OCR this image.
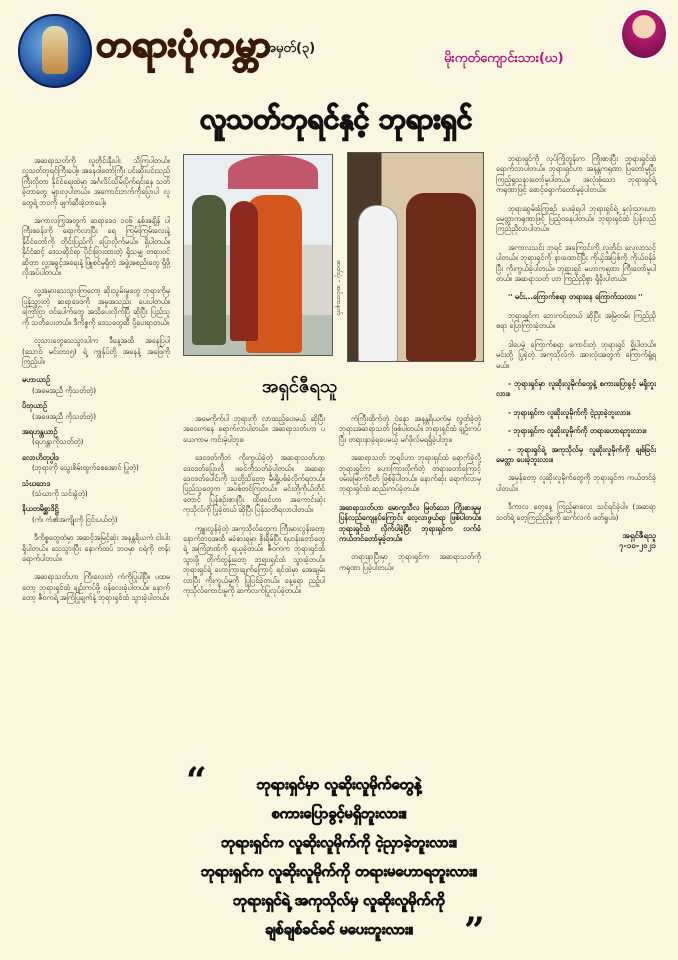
တရားပုံကမ္ဘာ
အမှတ်(၃)
မိုးကုတ်ကျောင်းသား(ဃ)
လူသတ်ဘုရင်နှင့် ဘုရားရှင်
ဓာတ်ပုံ - အင်တာနက်
အရှင်ဇီရသူ

အဆရာသတ်ကို လူတိုင်းနီးပါး သိကြပါတယ်။ လူသတ်ဘုရင်ကြီးပေါ့။ အနေဝါတော်ကြီး ပင်းဆိုးပင်းသည်ကြီးလိုတာ နိုင်ငံရေးထဲမှာ အင်္ဂလိပ်သိမ်းပိုက်ရင်းနေ သတ်ခဲ့တာတွေ များလှပါတယ်။ အကောင်းဘက်ကိုပြောပါ လူတွေရဲ့ ဘဝကို ဖျက်ဆီးခဲ့တာပေါ့။

အကာလကြွအတွက် ဆရာဒေဝ ၁၀၆ နှစ်အချိန် ပါကြီးစခန်းကို ရောက်လာပြီး ရေ ကြမ်းကြမ်းလေးနဲ့ နိုင်ငံတော်ကို တိုင်းပြည်ကို ပြောလိုက်မယ်။ ရှိပါတယ်။ နိုင်ငံဆင့် ဒေသဆိုင်ရာ ပိုင်းခြားထားတဲ့ ရှိသမျှ တရားဝင်ဆိုတာ လူ့အခွင့်အရေးနဲ့ ဖြူစင်မှုရှိတဲ့ အဖွဲ့အစည်းတွေ ရှိဖို့ လိုအပ်ပါတယ်။

လူ့အမှားသေသွားကြတော့ ဆိုးသွမ်းမှုတွေ ဘုရားကိုမှပြန်သွားတဲ့ ဆရာဒေဝကို အမှုအသည်း ပေးပါတယ်။ ကြော်ငြာ ဝင်ပေါက်တွေ အသိပေးလိုက်ပြီ ဆိုပြီး ပြည်သူကို သတိပေးတယ်။ ဒီကိစ္စကို ဒေသတွေဆီ ပို့ပေးရာတယ်။

လူသားတွေသေသွားပါက ဒီနေ့အထိ အနေပြပါ (သောဝ် မင်းတ၁၅) ရဲ့ ကျွန်ုပ်တို့ အနေနဲ့ အဖြေကို ကြည့်ပါ။

မဟာယာဉ်
(အမေအညီ ကိုသတ်တဲ့)
ပိတုယာဉ်
(အဖေအညီ ကိုသတ်တဲ့)
အရဟန္တယာဉ်
(ရဟန္တာကိုသတ်တဲ့)
လောဟိတုပ္ပါဒ
(ဘုရားကို သွေးစိမ်းထွက်စေအောင် ပြုတဲ့)
သံဃဘေဒ
(သံဃာကို သင်းခွဲတဲ့)
နိယတမိစ္ဆာဒိဋ္ဌိ
(ကံ၊ ကံ၏အကျိုးကို ငြင်းပယ်တဲ့)

ဒီကိစ္စတွေထဲမှာ အဆင့်အမြင့်ဆုံး အနန္တရိယကံ ငါးပါးရှိပါတယ်။ သေသွားပြီး နောက်ထပ် ဘဝမှာ ငရဲကို တန်းရောက်ပါတယ်။

အဆရာသတ်ဟာ ကြီးလေးတဲ့ ကံကိုပြုပါပြီ။ ပထမတော့ ဘုရားရှင်ထံ ချဉ်းကပ်ဖို့ ဝန်လေးခဲ့ပါတယ်။ နောက်တော့ ဇီဝကရဲ့ အကြံပြုချက်နဲ့ ဘုရားရှင်ထံ သွားခဲ့ပါတယ်။

အမေကိုက်ပါ ဘုရားကို လာထည့်ပေးမယ် ဆိုပြီး အဝေးကနေ ရောက်လာပါတယ်။ အဆရာသတ်ဟာ ပယေကာမ ကင်းမဲ့ပါဘူး။

ဒေဝဒတ်ကိုဘဲ ကိုးကွယ်ခဲ့တဲ့ အဆရာသတ်ဟာ ဒေဝဒတ်ပြောလို့ ဖခင်ကိုသတ်ခဲ့ပါတယ်။ အဆရာ ဒေဝဒတ်ပေါင်းကို သူတို့သိတော့ မီးရှို့ပစ်ခံလိုက်ရတယ်။ ပြည်သူတွေက အပစ်တင်ကြတယ်။ မင်းတို့ကိုယ်တိုင်တောင် ပြန်စဉ်းစားပြီး ထိုဖခင်ဟာ အကောင်းဆုံး ကုသိုလ်ကို ပြုခဲ့တယ် ဆိုပြီး ပြန်သတိရလာပါတယ်။

ကျူးလွန်ခဲ့တဲ့ အကုသိုလ်တွေက ကြီးမားလွန်းတော့ နောက်ဘဝအထိ မခံစားရမှာ စိုးရိမ်ပြီး ရဟန်းတော်တွေရဲ့ အကြံဉာဏ်ကို ရယူခဲ့တယ်။ ဇီဝကက ဘုရားရှင်ထံ သွားဖို့ တိုက်တွန်းတော့ ဘုရားရှင်ထံ သွားခဲ့တယ်။ ဘုရားရှင်ရဲ့ ဟောကြားချက်ကြောင့် ရင်ထဲမှာ အေးချမ်းလာပြီး ကိုးကွယ်မှုကို ပြုပြင်ခဲ့တယ်။ နေ့ရော ညဉ့်ပါ ကုသိုလ်ကောင်းမှုကို ဆက်လက်ပြုလုပ်ခဲ့တယ်။

ကံကြီးထိုက်တဲ့ ဝဲနော အနန္တရိယကံမှ လွတ်ခဲ့တဲ့ ဘုရားအဆရာသတ် ဖြစ်ပါတယ်။ ဘုရားရှင်ထံ ချဉ်းကပ်ပြီး တရားနာခဲ့ရပေမယ့် မဂ်ဖိုလ်မရရှိခဲ့ပါဘူး။

အဆရာသတ် ဘုရင်ဟာ ဘုရားရှင်ထံ ရောက်ခဲ့လို့ ဘုရားရှင်က ဟောကြားလိုက်တဲ့ တရားတော်ကြောင့် ဝမ်းမြောက်ပီတိ ဖြစ်ခဲ့ပါတယ်။ နောက်ဆုံး ရောက်လာမှ ဘုရားရှင်ထံ ဆည်းကပ်ခဲ့တယ်။

အဆရာသတ်ဟာ မောက္ခသီလ မြတ်သော ကြိုးစားမှုမှ ပြန်လည်ကျေနပ်ကြောင်း လေ့လာဖွယ်ရာ ဖြစ်ပါတယ်။ ဘုရားရှင်ထံ လိုက်ပါခဲ့ပြီး ဘုရားရှင်က လက်ခံ ကယ်တင်တော်မူခဲ့တယ်။

တရားနာပြီးမှာ ဘုရားရှင်က အဆရာသတ်ကို ကရုဏာ ပြခဲ့ပါတယ်။

ဘုရားရှင်ကို လှပ်ကြိုတွန်းက ကြိုးစားပြီး ဘုရားရှင်ထံ ရောက်လာပါတယ်။ ဘုရားရှင်ဟာ အနန္တကရုဏာ ပြတော်မူပြီး ကြည့်ရှုသနားတော်မူပါတယ်။ အလုံးစုံသော ဘုရားရှင်ရဲ့ ကရုဏာဖြင့် စောင့်ရှောက်တော်မူခဲ့ပါတယ်။

ဘုရားဆွမ်းခံကြွစဉ် ပေးခဲ့ရပါ ဘုရားရှင်ရဲ့ နှလုံးသားဟာ မေတ္တာကရုဏာဖြင့် ပြည့်ဝနေပါတယ်။ ဘုရားရှင်ထံ ပြန်လည်ကြည်ညိုလာပါတယ်။

အကာလသင်း ဘုရင် အကြောင်းကို လူတိုင်း လေ့လာသင့်ပါတယ်။ ဘုရားရှင်ကို နားထောင်ပြီး ကိုယ့်အပြစ်ကို ကိုယ်ဝန်ခံပြီး ကိုးကွယ်ခဲ့ပါတယ်။ ဘုရားရှင် မဟာကရုဏာ ကြီးတော်မူပါတယ်။ အဆရာသတ် ဟာ ကြည်ညိုစွာ ရှိခိုးပါတယ်။

'' မင်း...ကြောက်စရာ တရားနေ ကြောက်သလား ''

ဘုရားရှင်က ဘေးကင်းတယ် ဆိုပြီး အမြဲတမ်း ကြည်ညိုစရာ ပြောကြားခဲ့တယ်။

ဒါပေမဲ့ ကြောက်စရာ ကောင်းတဲ့ ဘုရားရှင် ရှိပါတယ်။ မင်းတို့ ပြုခဲ့တဲ့ အကုသိုလ်ကံ အားလုံးအတွက် ကြောက်ရွံ့ရမယ်။

- ဘုရားရှင်မှာ လူဆိုးလူမိုက်တွေနဲ့ စကားပြောခွင့် မရှိဘူးလား။

- ဘုရားရှင်က လူဆိုးလူမိုက်ကို ငဲ့ညှာခဲ့ဘူးလား။

- ဘုရားရှင်က လူဆိုးလူမိုက်ကို တရားဟောရဘူးလား။

- ဘုရားရှင်ရဲ့ အကုသိုလ်မှ လူဆိုးလူမိုက်ကို ချစ်ခြင်းမေတ္တာ ပေးခဲ့ဘူးလား။

အမှန်တော့ လူဆိုးလူမိုက်တွေကို ဘုရားရှင်က ကယ်တင်ခဲ့ပါတယ်။

ဒီကာလ တေ့နေ့ ကြည့်မှာလေး သင်ရင်ခဲ့ပါ။ (အဆရာသတ်ရဲ့ တေ့ကြည်ညိုမှုကို ဆက်လက် ဖတ်ရှုပါ။)

အရှင်ဇီရသူ
၇-၁၀-၂၀၂၁
“	ဘုရားရှင်မှာ လူဆိုးလူမိုက်တွေနဲ့
စကားပြောခွင့်မရှိဘူးလား။
ဘုရားရှင်က လူဆိုးလူမိုက်ကို ငဲ့ညှာခဲ့ဘူးလား။
ဘုရားရှင်က လူဆိုးလူမိုက်ကို တရားမဟောရဘူးလား။
ဘုရားရှင်ရဲ့ အကုသိုလ်မှ လူဆိုးလူမိုက်ကို
ချစ်ချစ်ခင်ခင် မပေးဘူးလား။	”
